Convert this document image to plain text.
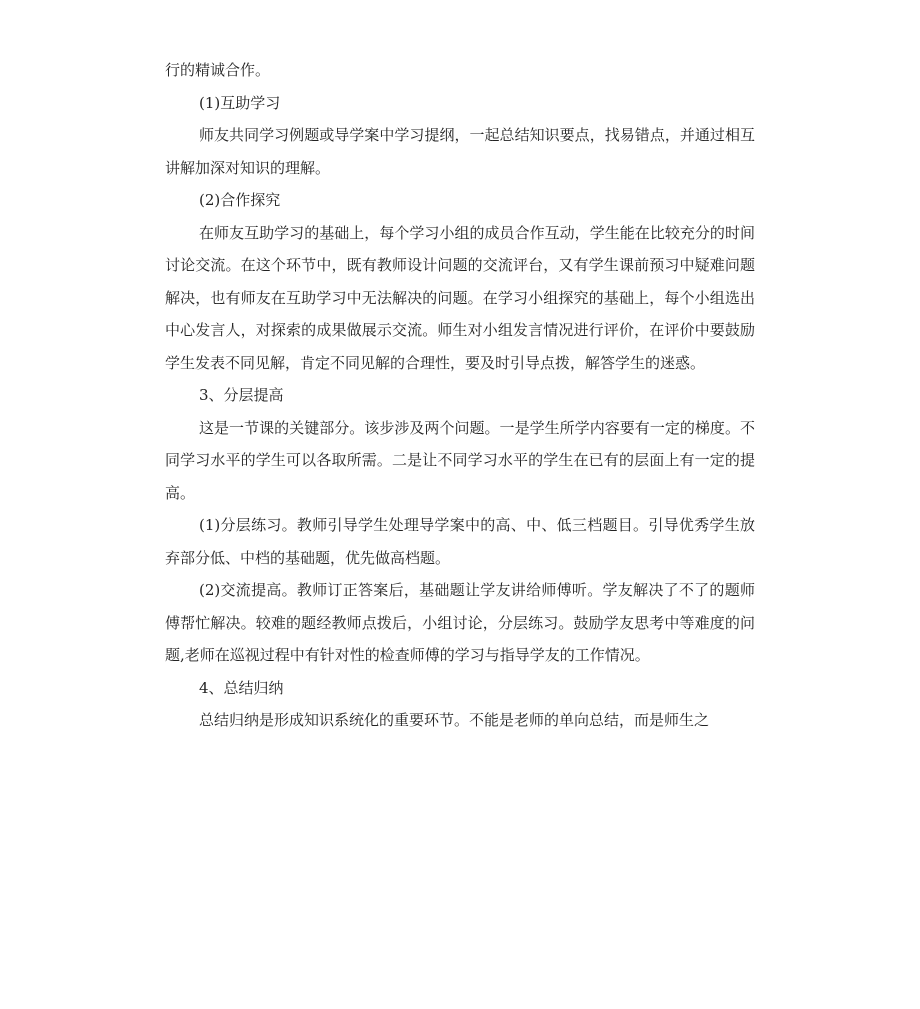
行的精诚合作。

(1)互助学习

师友共同学习例题或导学案中学习提纲，一起总结知识要点，找易错点，并通过相互讲解加深对知识的理解。

(2)合作探究

在师友互助学习的基础上，每个学习小组的成员合作互动，学生能在比较充分的时间讨论交流。在这个环节中，既有教师设计问题的交流评台，又有学生课前预习中疑难问题解决，也有师友在互助学习中无法解决的问题。在学习小组探究的基础上，每个小组选出中心发言人，对探索的成果做展示交流。师生对小组发言情况进行评价，在评价中要鼓励学生发表不同见解，肯定不同见解的合理性，要及时引导点拨，解答学生的迷惑。

3、分层提高

这是一节课的关键部分。该步涉及两个问题。一是学生所学内容要有一定的梯度。不同学习水平的学生可以各取所需。二是让不同学习水平的学生在已有的层面上有一定的提高。

(1)分层练习。教师引导学生处理导学案中的高、中、低三档题目。引导优秀学生放弃部分低、中档的基础题，优先做高档题。

(2)交流提高。教师订正答案后，基础题让学友讲给师傅听。学友解决了不了的题师傅帮忙解决。较难的题经教师点拨后，小组讨论，分层练习。鼓励学友思考中等难度的问题,老师在巡视过程中有针对性的检查师傅的学习与指导学友的工作情况。

4、总结归纳

总结归纳是形成知识系统化的重要环节。不能是老师的单向总结，而是师生之
